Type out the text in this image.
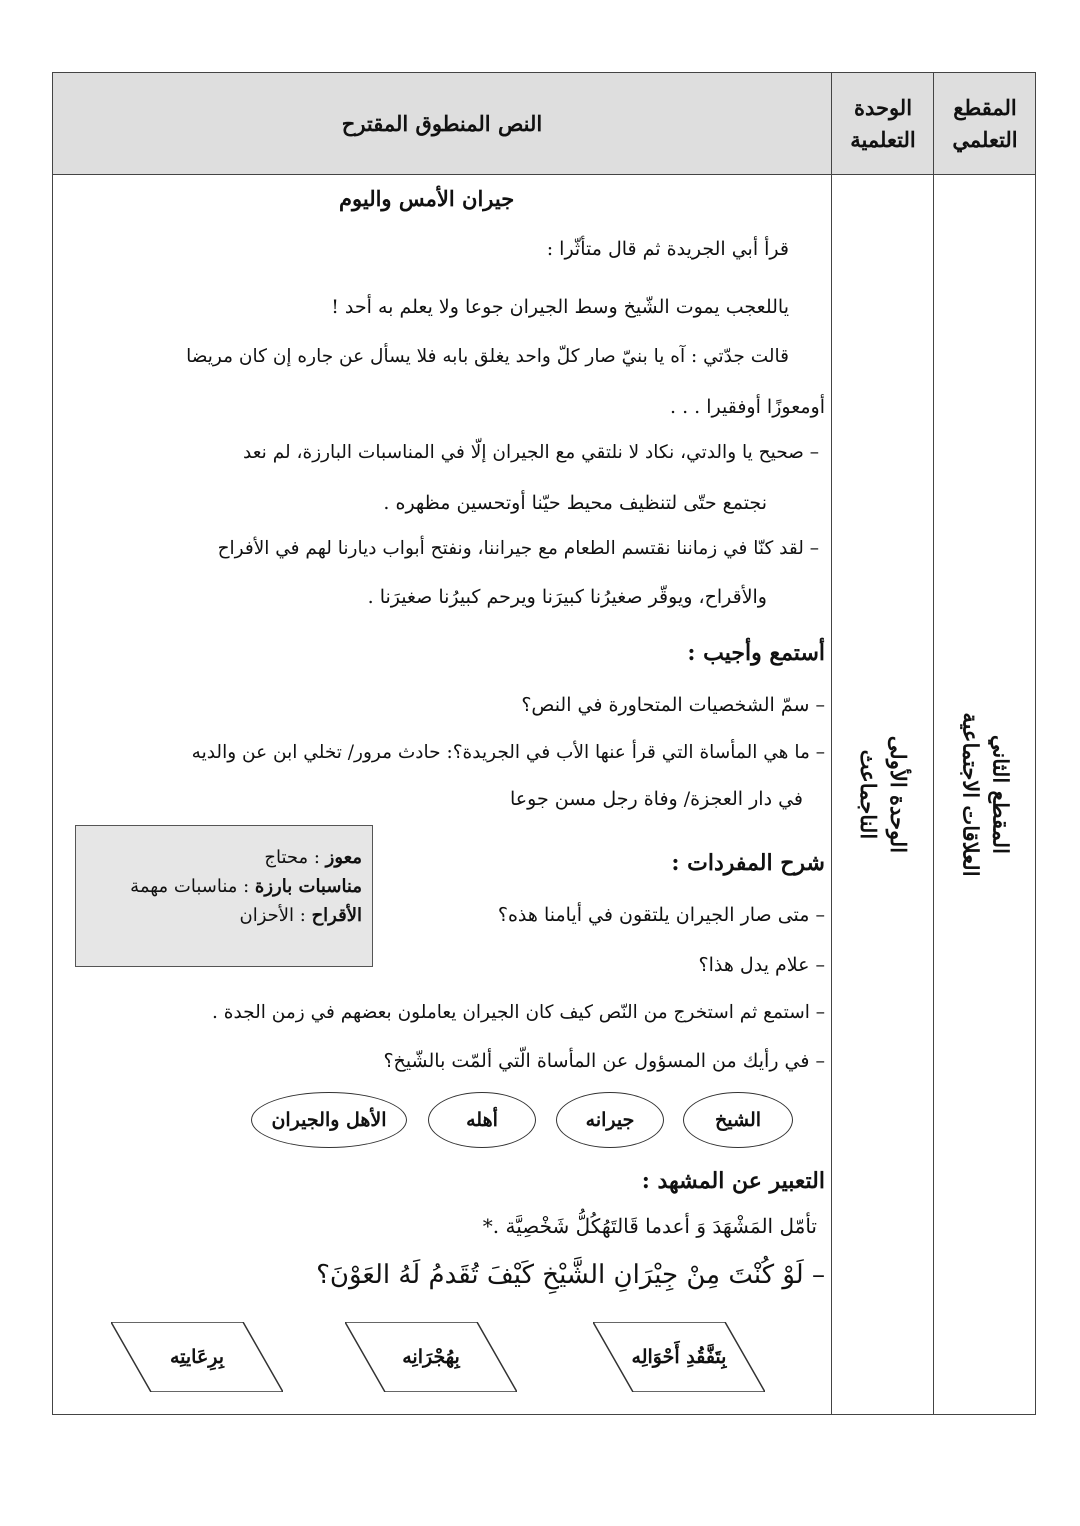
المقطع التعلمي
الوحدة التعلمية
النص المنطوق المقترح
المقطع الثاني
العلاقات الاجتماعية
الوحدة الأولى
الناجماعث
جيران الأمس واليوم
قرأ أبي الجريدة ثم قال متأثّرا :
ياللعجب يموت الشّيخ وسط الجيران جوعا ولا يعلم به أحد !
قالت جدّتي : آه يا بنيّ صار كلّ واحد يغلق بابه فلا يسأل عن جاره إن كان مريضا
أومعوزًا أوفقيرا . . .
– صحيح يا والدتي، نكاد لا نلتقي مع الجيران إلّا في المناسبات البارزة، لم نعد
نجتمع حتّى لتنظيف محيط حيّنا أوتحسين مظهره .
– لقد كنّا في زماننا نقتسم الطعام مع جيراننا، ونفتح أبواب ديارنا لهم في الأفراح
والأقراح، ويوقّر صغيرُنا كبيرَنا ويرحم كبيرُنا صغيرَنا .
أستمع وأجيب :
– سمّ الشخصيات المتحاورة في النص؟
– ما هي المأساة التي قرأ عنها الأب في الجريدة؟: حادث مرور/ تخلي ابن عن والديه
في دار العجزة/ وفاة رجل مسن جوعا
معوز : محتاج
مناسبات بارزة : مناسبات مهمة
الأقراح : الأحزان
شرح المفردات :
– متى صار الجيران يلتقون في أيامنا هذه؟
– علام يدل هذا؟
– استمع ثم استخرج من النّص كيف كان الجيران يعاملون بعضهم في زمن الجدة .
– في رأيك من المسؤول عن المأساة الّتي ألمّت بالشّيخ؟
الشيخ
جيرانه
أهله
الأهل والجيران
التعبير عن المشهد :
تأمّل المَشْهَدَ وَ أعدما قَالتَهُكُلُّ شَخْصِيَّة .*
– لَوْ كُنْتَ مِنْ جِيْرَانِ الشَّيْخِ كَيْفَ تُقَدمُ لَهُ العَوْنَ؟
بِتَفَّقُدِ أَحْوَالِه
بِهُجْرَانِه
بِرِعَايتِه
